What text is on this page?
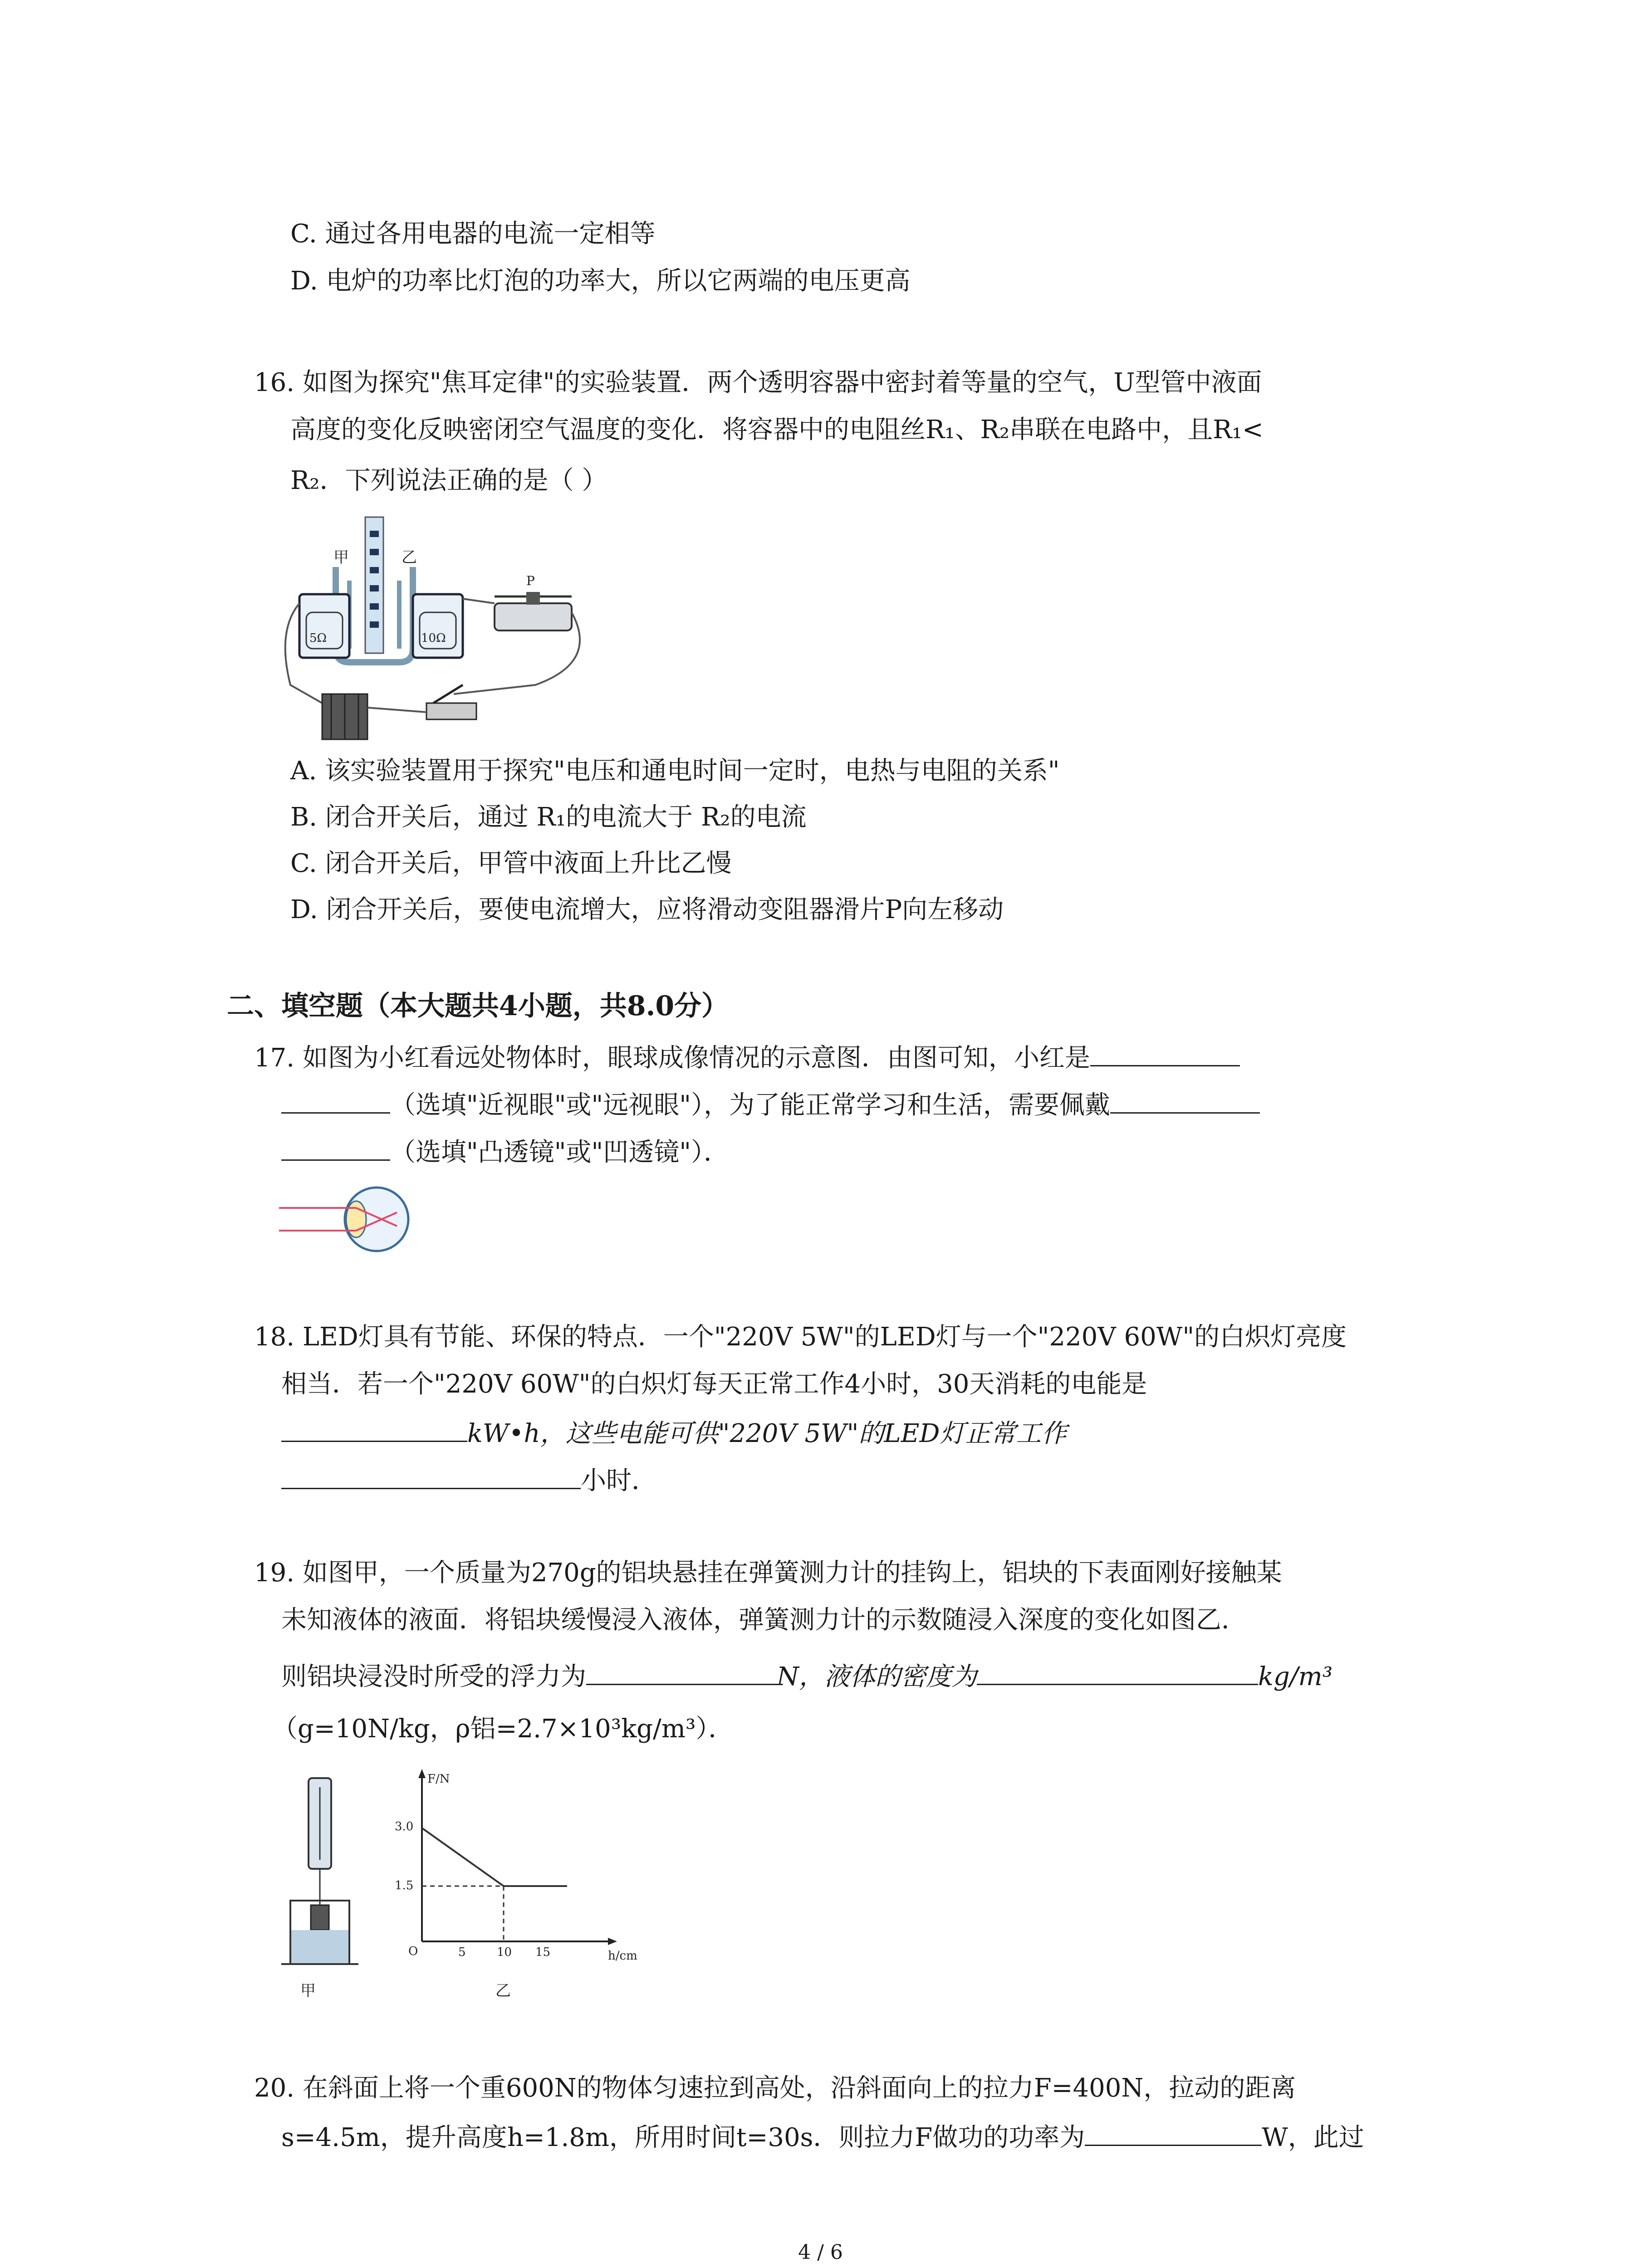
C. 通过各用电器的电流一定相等
D. 电炉的功率比灯泡的功率大，所以它两端的电压更高
16. 如图为探究"焦耳定律"的实验装置．两个透明容器中密封着等量的空气，U型管中液面
高度的变化反映密闭空气温度的变化．将容器中的电阻丝R₁、R₂串联在电路中，且R₁<
R₂．下列说法正确的是（ ）
甲	乙
5Ω	10Ω
P
A. 该实验装置用于探究"电压和通电时间一定时，电热与电阻的关系"
B. 闭合开关后，通过 R₁的电流大于 R₂的电流
C. 闭合开关后，甲管中液面上升比乙慢
D. 闭合开关后，要使电流增大，应将滑动变阻器滑片P向左移动
二、填空题（本大题共4小题，共8.0分）
17. 如图为小红看远处物体时，眼球成像情况的示意图．由图可知，小红是
（选填"近视眼"或"远视眼"），为了能正常学习和生活，需要佩戴
（选填"凸透镜"或"凹透镜"）．
18. LED灯具有节能、环保的特点．一个"220V 5W"的LED灯与一个"220V 60W"的白炽灯亮度
相当．若一个"220V 60W"的白炽灯每天正常工作4小时，30天消耗的电能是
kW•h，这些电能可供"220V 5W"的LED灯正常工作
小时．
19. 如图甲，一个质量为270g的铝块悬挂在弹簧测力计的挂钩上，铝块的下表面刚好接触某
未知液体的液面．将铝块缓慢浸入液体，弹簧测力计的示数随浸入深度的变化如图乙．
则铝块浸没时所受的浮力为	N，液体的密度为	kg/m³
（g=10N/kg，ρ铝=2.7×10³kg/m³）．
甲
F/N
h/cm
O
3.0
1.5
5	10 15
乙
20. 在斜面上将一个重600N的物体匀速拉到高处，沿斜面向上的拉力F=400N，拉动的距离
s=4.5m，提升高度h=1.8m，所用时间t=30s．则拉力F做功的功率为	W，此过
4 / 6
